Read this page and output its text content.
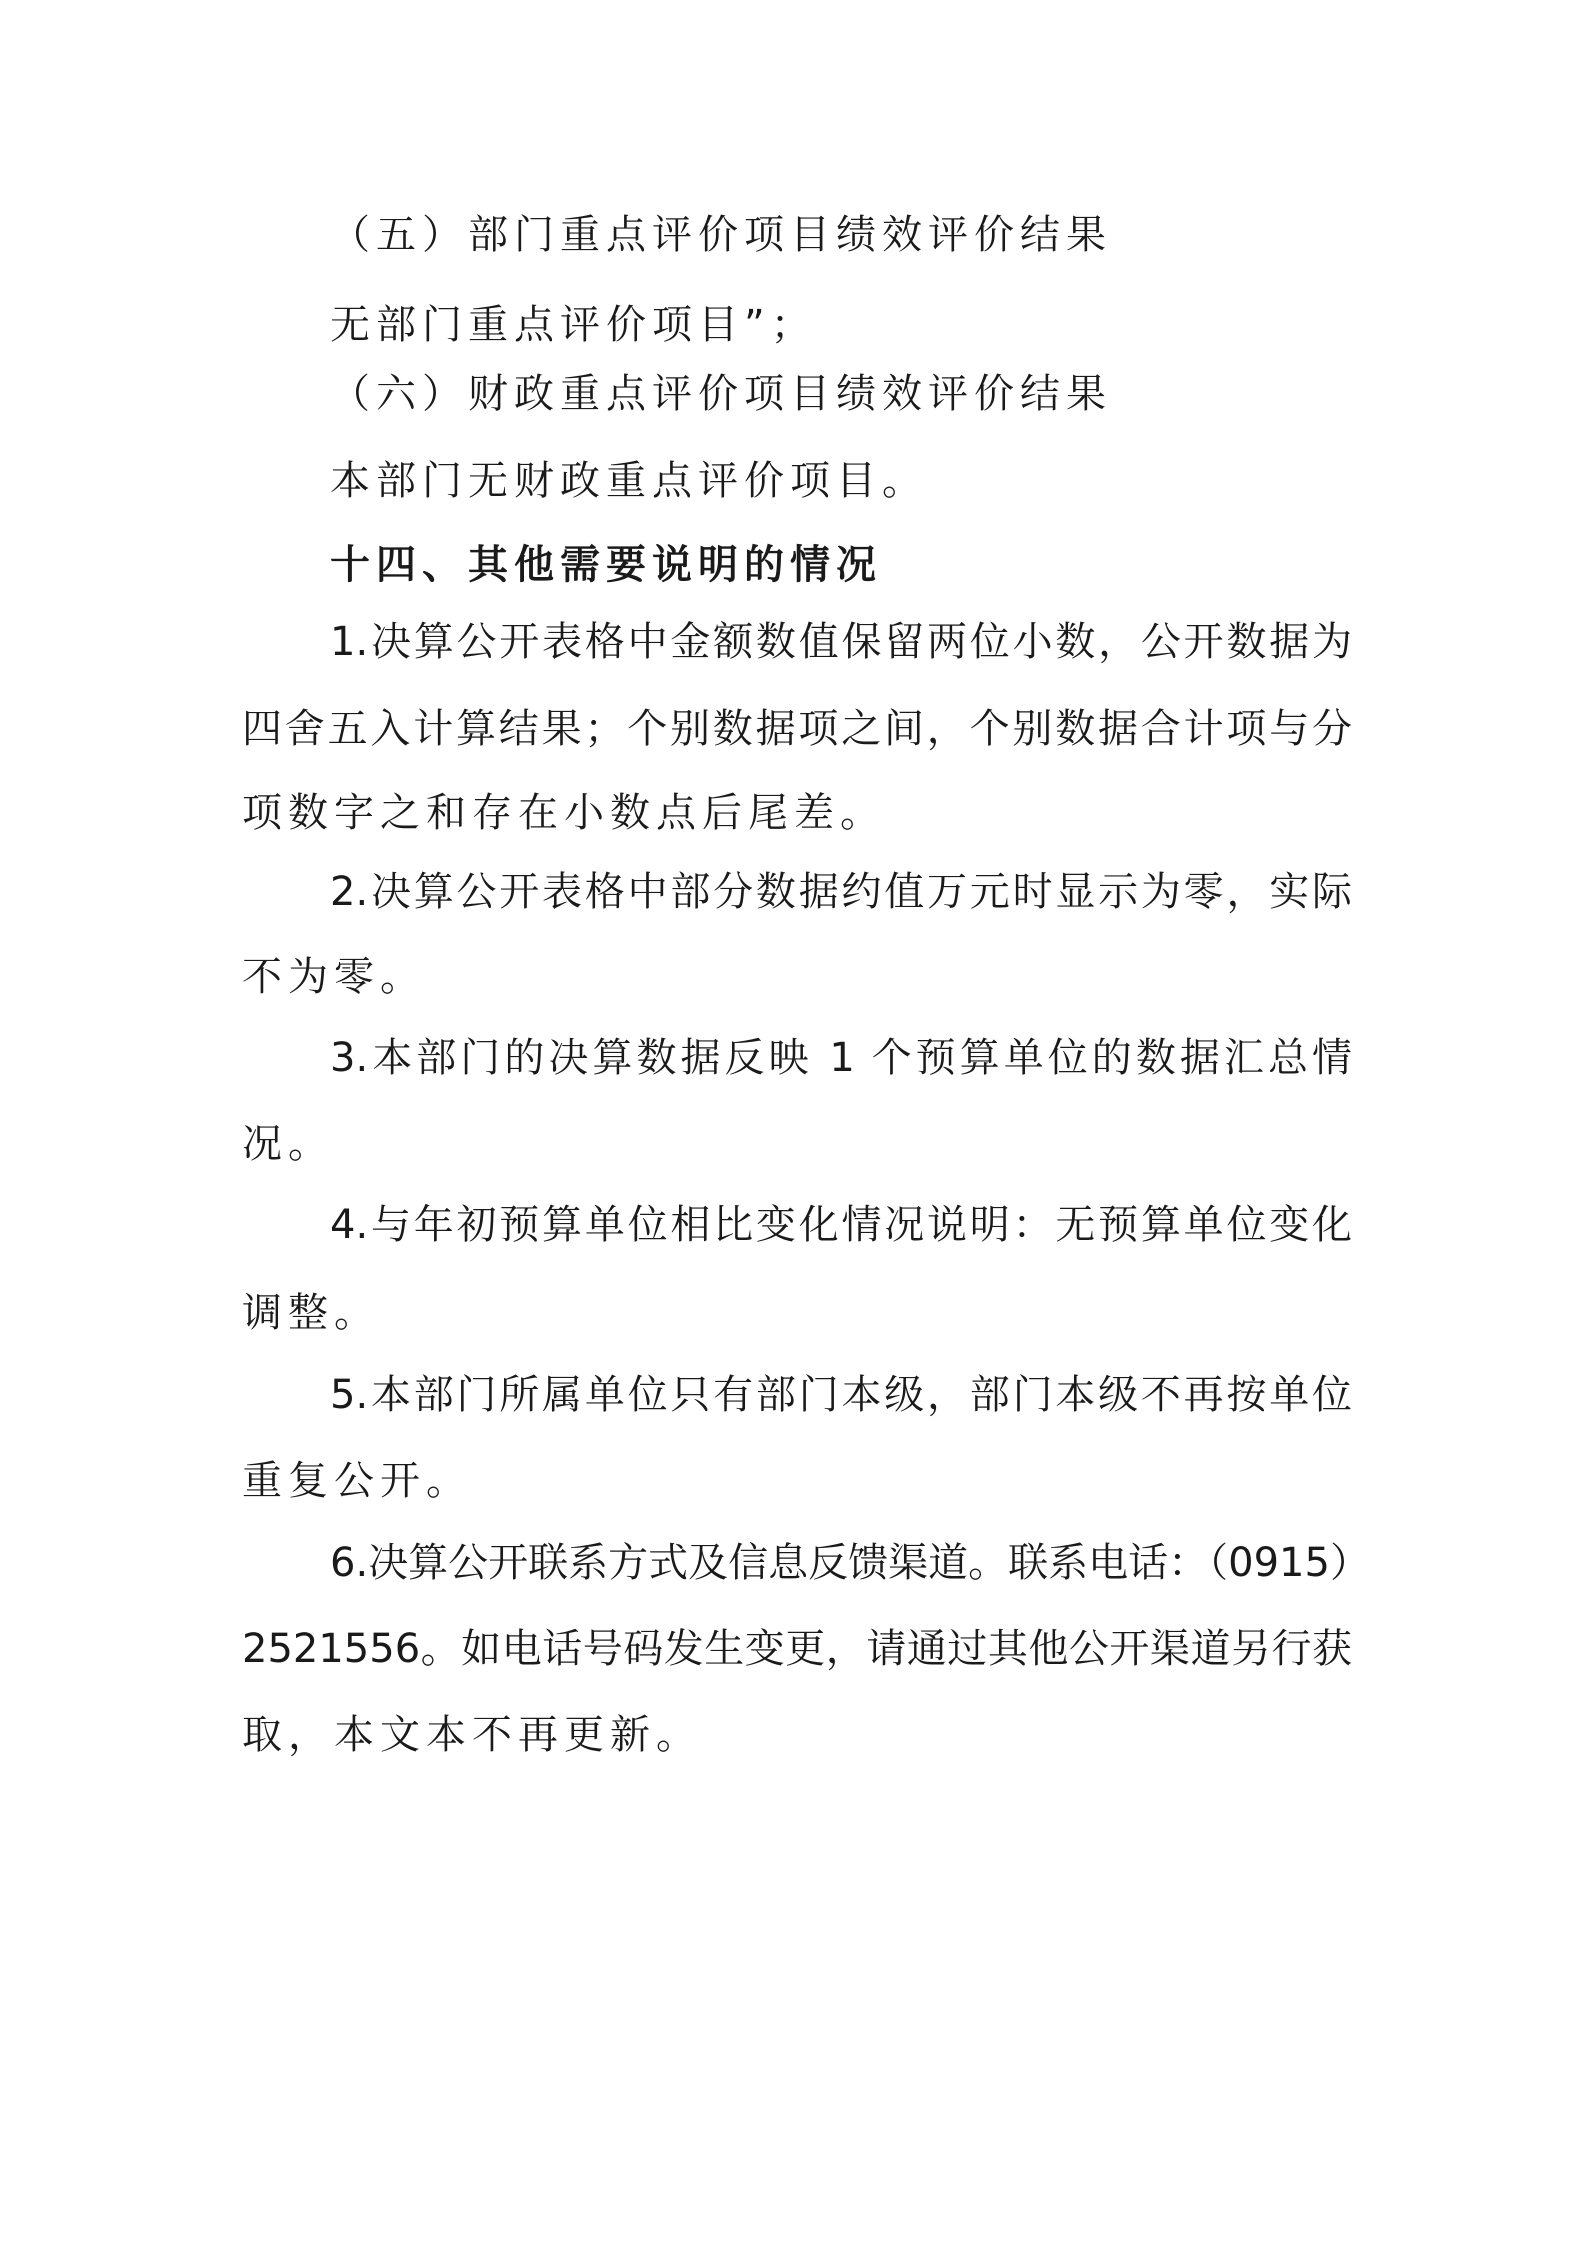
（五）部门重点评价项目绩效评价结果
无部门重点评价项目”；
（六）财政重点评价项目绩效评价结果
本部门无财政重点评价项目。
十四、其他需要说明的情况
1.决算公开表格中金额数值保留两位小数，公开数据为
四舍五入计算结果；个别数据项之间，个别数据合计项与分
项数字之和存在小数点后尾差。
2.决算公开表格中部分数据约值万元时显示为零，实际
不为零。
3.本部门的决算数据反映 1 个预算单位的数据汇总情
况。
4.与年初预算单位相比变化情况说明：无预算单位变化
调整。
5.本部门所属单位只有部门本级，部门本级不再按单位
重复公开。
6.决算公开联系方式及信息反馈渠道。联系电话：（0915）
2521556。如电话号码发生变更，请通过其他公开渠道另行获
取，本文本不再更新。
